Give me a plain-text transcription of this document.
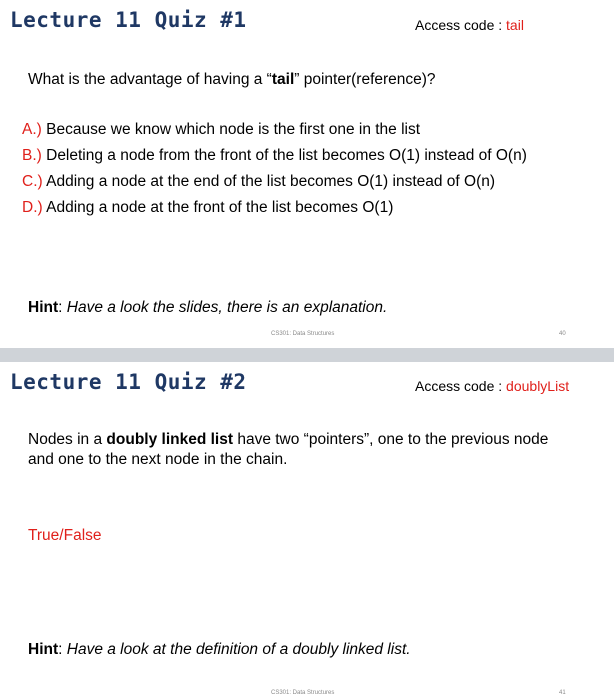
Lecture 11 Quiz #1	Access code : tail

What is the advantage of having a “tail” pointer(reference)?

A.) Because we know which node is the first one in the list
B.) Deleting a node from the front of the list becomes O(1) instead of O(n)
C.) Adding a node at the end of the list becomes O(1) instead of O(n)
D.) Adding a node at the front of the list becomes O(1)
Hint: Have a look the slides, there is an explanation.
CS301: Data Structures	40
Lecture 11 Quiz #2	Access code : doublyList

Nodes in a doubly linked list have two “pointers”, one to the previous node and one to the next node in the chain.

True/False
Hint: Have a look at the definition of a doubly linked list.
CS301: Data Structures	41
